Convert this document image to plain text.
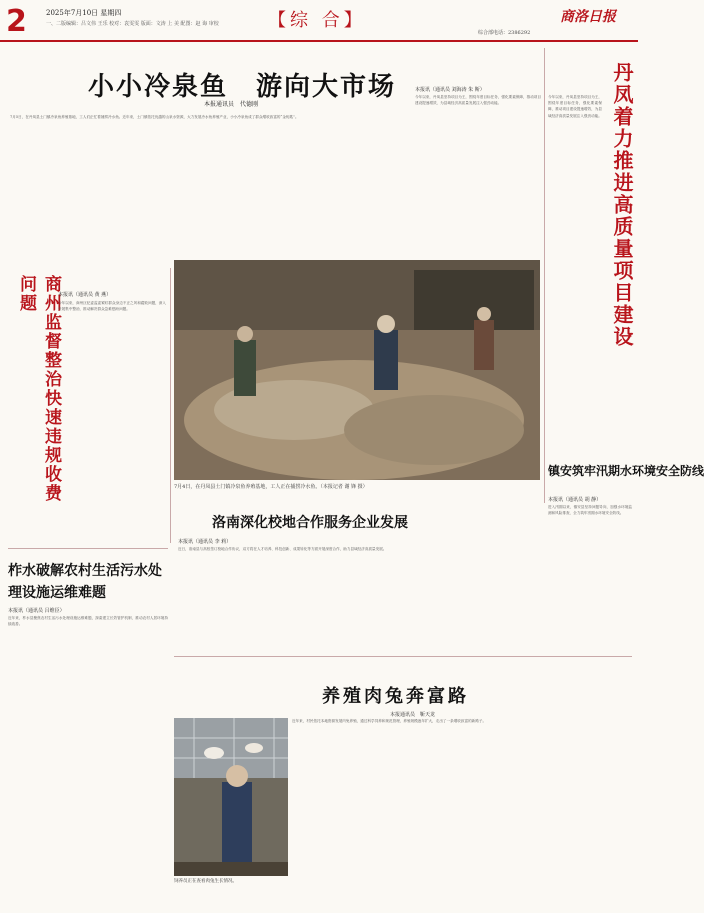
2	2025年7月10日 星期四
一、二版编辑：吕文伟 王乐 校对：袁雯雯 版面：文涛 上 美 配图：赵 诲 审校	【综 合】	商洛日报
综合部电话：2386292
小小冷泉鱼　游向大市场
本报通讯员　代德刚
7月5日，在丹凤县土门镇冷泉鱼养殖基地，工人们正忙着捕捞冷水鱼。近年来，土门镇依托优越的山泉水资源，大力发展冷水鱼养殖产业，小小冷泉鱼成了群众增收致富的“金钥匙”。
7月4日，在丹凤县土门镇冷泉鱼养殖基地，工人正在捕捞冷水鱼。（本报记者 谢 锋 摄）
商州监督整治快速违规收费问题	本报讯（通讯员 黄 燕）
今年以来，商州区纪委监委紧盯群众身边不正之风和腐败问题，深入开展集中整治，推动解决群众急难愁盼问题。
洛南深化校地合作服务企业发展
本报讯（通讯员 李 莉）
近日，洛南县与高校签订校地合作协议，双方将在人才培养、科技创新、成果转化等方面开展深度合作，助力县域经济高质量发展。
柞水破解农村生活污水处理设施运维难题
本报讯（通讯员 吕维臣）
近年来，柞水县聚焦农村生活污水处理设施运维难题，探索建立长效管护机制，推动农村人居环境持续改善。
本报讯（通讯员 刘海涛 朱 斯）
今年以来，丹凤县坚持项目为王，围绕年度目标任务，强化要素保障，推动项目建设提速增效，为县域经济高质量发展注入强劲动能。
今年以来，丹凤县坚持项目为王，围绕年度目标任务，强化要素保障，推动项目建设提速增效，为县域经济高质量发展注入强劲动能。 丹凤着力推进高质量项目建设
镇安筑牢汛期水环境安全防线
本报讯（通讯员 胡 静）
进入汛期以来，镇安县坚持问题导向，加强水环境监测和风险排查，全力筑牢汛期水环境安全防线。
养殖肉兔奔富路
本报通讯员　靳天龙
饲养员正在查看肉兔生长情况。
近年来，村民依托本地资源发展肉兔养殖，通过科学饲养和规范管理，养殖规模逐年扩大，走出了一条增收致富的新路子。
